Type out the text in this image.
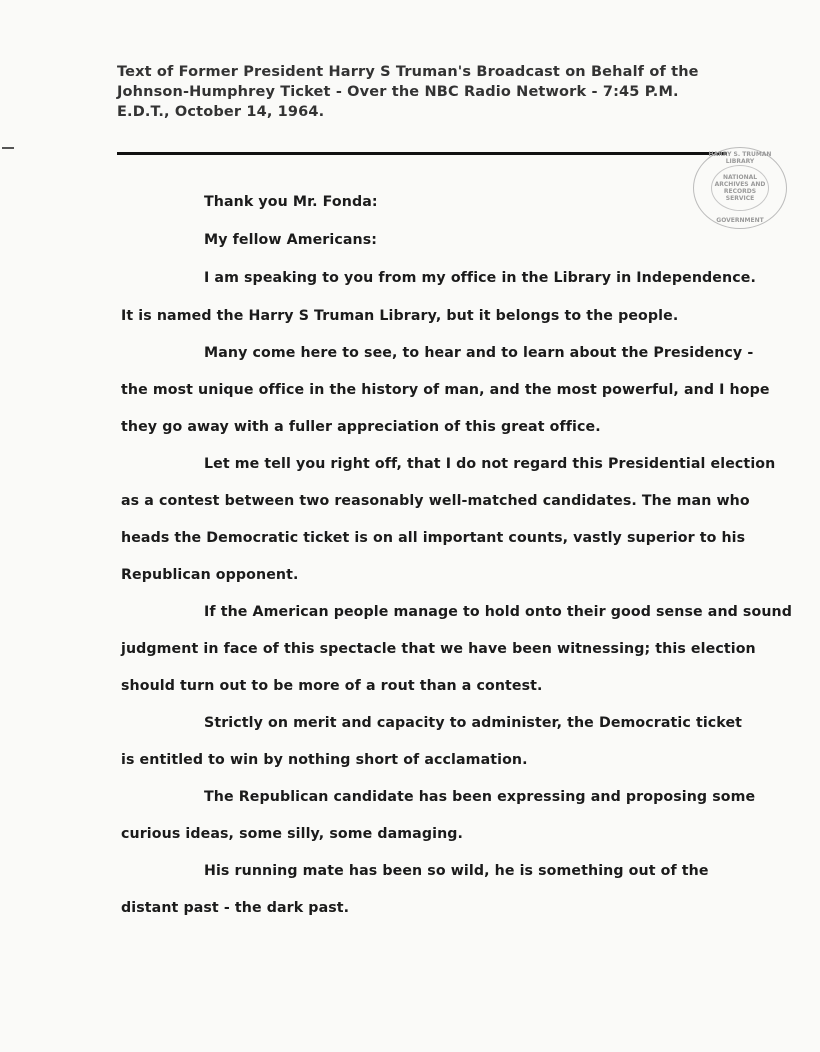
Text of Former President Harry S Truman's Broadcast on Behalf of the
Johnson-Humphrey Ticket - Over the NBC Radio Network - 7:45 P.M.
E.D.T., October 14, 1964.
HARRY S. TRUMAN LIBRARY
NATIONAL
ARCHIVES AND
RECORDS
SERVICE
GOVERNMENT
Thank you Mr. Fonda:
My fellow Americans:
I am speaking to you from my office in the Library in Independence.
It is named the Harry S Truman Library, but it belongs to the people.
Many come here to see, to hear and to learn about the Presidency -
the most unique office in the history of man, and the most powerful, and I hope
they go away with a fuller appreciation of this great office.
Let me tell you right off, that I do not regard this Presidential election
as a contest between two reasonably well-matched candidates. The man who
heads the Democratic ticket is on all important counts, vastly superior to his
Republican opponent.
If the American people manage to hold onto their good sense and sound
judgment in face of this spectacle that we have been witnessing; this election
should turn out to be more of a rout than a contest.
Strictly on merit and capacity to administer, the Democratic ticket
is entitled to win by nothing short of acclamation.
The Republican candidate has been expressing and proposing some
curious ideas, some silly, some damaging.
His running mate has been so wild, he is something out of the
distant past - the dark past.
